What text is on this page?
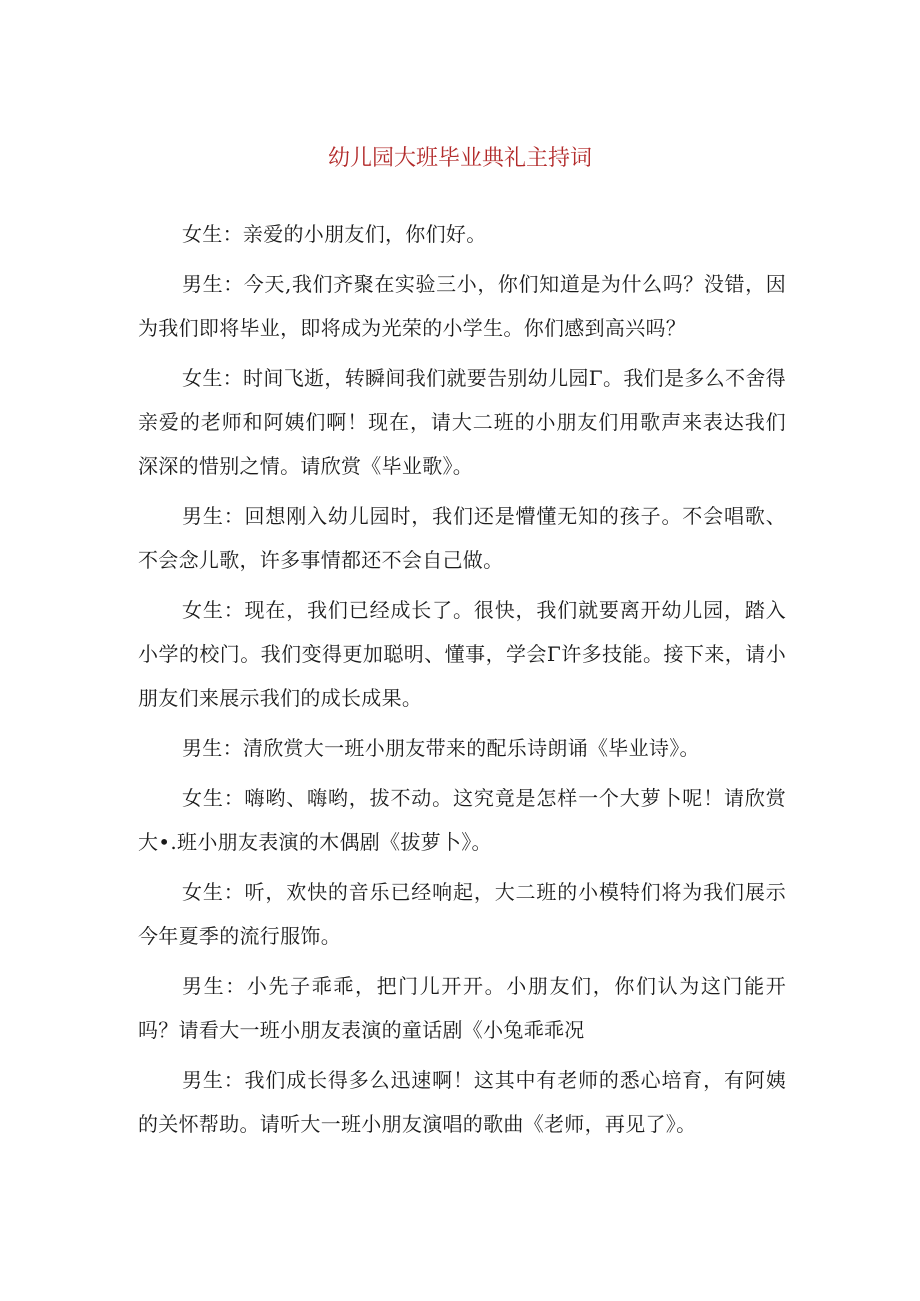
幼儿园大班毕业典礼主持词

女生：亲爱的小朋友们，你们好。

男生：今天,我们齐聚在实验三小，你们知道是为什么吗？没错，因为我们即将毕业，即将成为光荣的小学生。你们感到高兴吗？

女生：时间飞逝，转瞬间我们就要告别幼儿园Γ。我们是多么不舍得亲爱的老师和阿姨们啊！现在，请大二班的小朋友们用歌声来表达我们深深的惜别之情。请欣赏《毕业歌》。

男生：回想刚入幼儿园时，我们还是懵懂无知的孩子。不会唱歌、不会念儿歌，许多事情都还不会自己做。

女生：现在，我们已经成长了。很快，我们就要离开幼儿园，踏入小学的校门。我们变得更加聪明、懂事，学会Γ许多技能。接下来，请小朋友们来展示我们的成长成果。

男生：清欣赏大一班小朋友带来的配乐诗朗诵《毕业诗》。

女生：嗨哟、嗨哟，拔不动。这究竟是怎样一个大萝卜呢！请欣赏大•.班小朋友表演的木偶剧《拔萝卜》。

女生：听，欢快的音乐已经响起，大二班的小模特们将为我们展示今年夏季的流行服饰。

男生：小先子乖乖，把门儿开开。小朋友们，你们认为这门能开吗？请看大一班小朋友表演的童话剧《小兔乖乖况

男生：我们成长得多么迅速啊！这其中有老师的悉心培育，有阿姨的关怀帮助。请听大一班小朋友演唱的歌曲《老师，再见了》。
